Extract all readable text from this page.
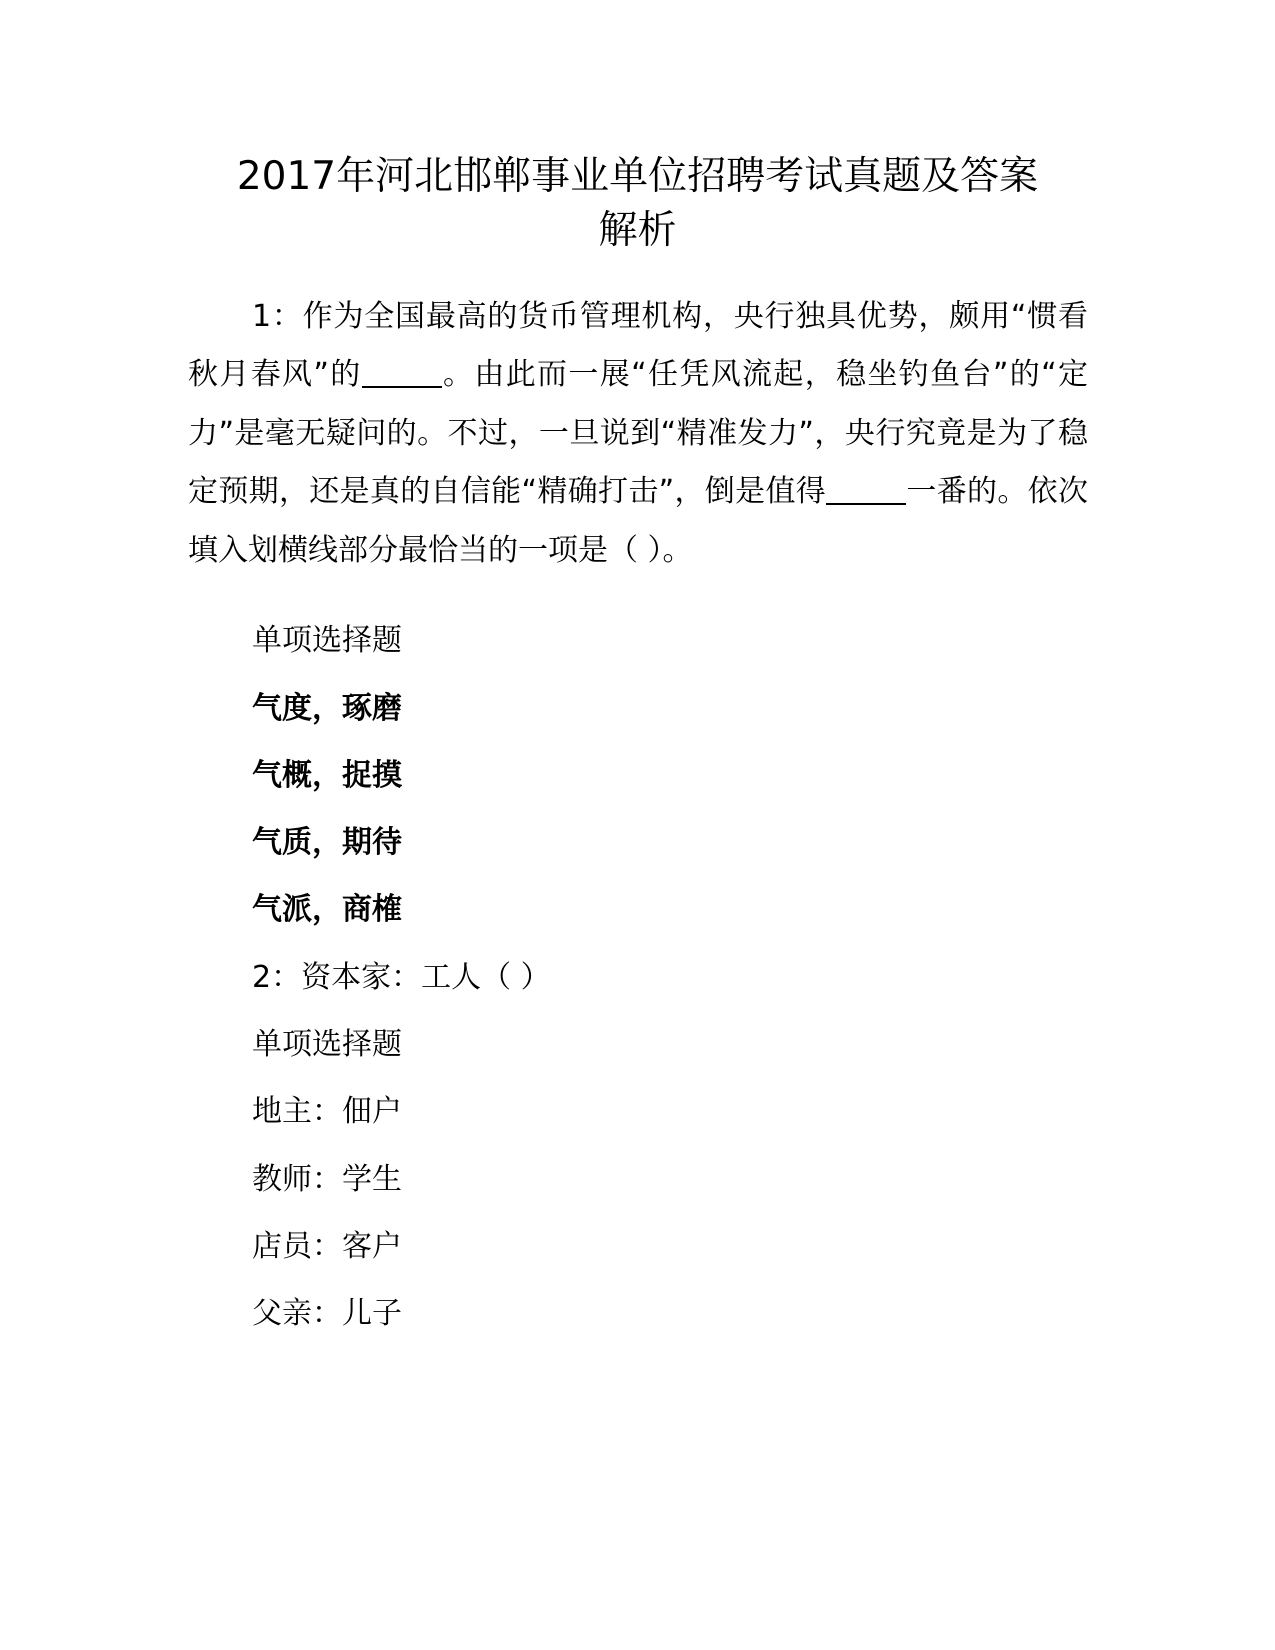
2017年河北邯郸事业单位招聘考试真题及答案
解析

1：作为全国最高的货币管理机构，央行独具优势，颇用“惯看秋月春风”的	。由此而一展“任凭风流起，稳坐钓鱼台”的“定力”是毫无疑问的。不过，一旦说到“精准发力”，央行究竟是为了稳定预期，还是真的自信能“精确打击”，倒是值得	一番的。依次填入划横线部分最恰当的一项是（ ）。

单项选择题

气度，琢磨

气概，捉摸

气质，期待

气派，商榷

2：资本家：工人（ ）

单项选择题

地主：佃户

教师：学生

店员：客户

父亲：儿子
